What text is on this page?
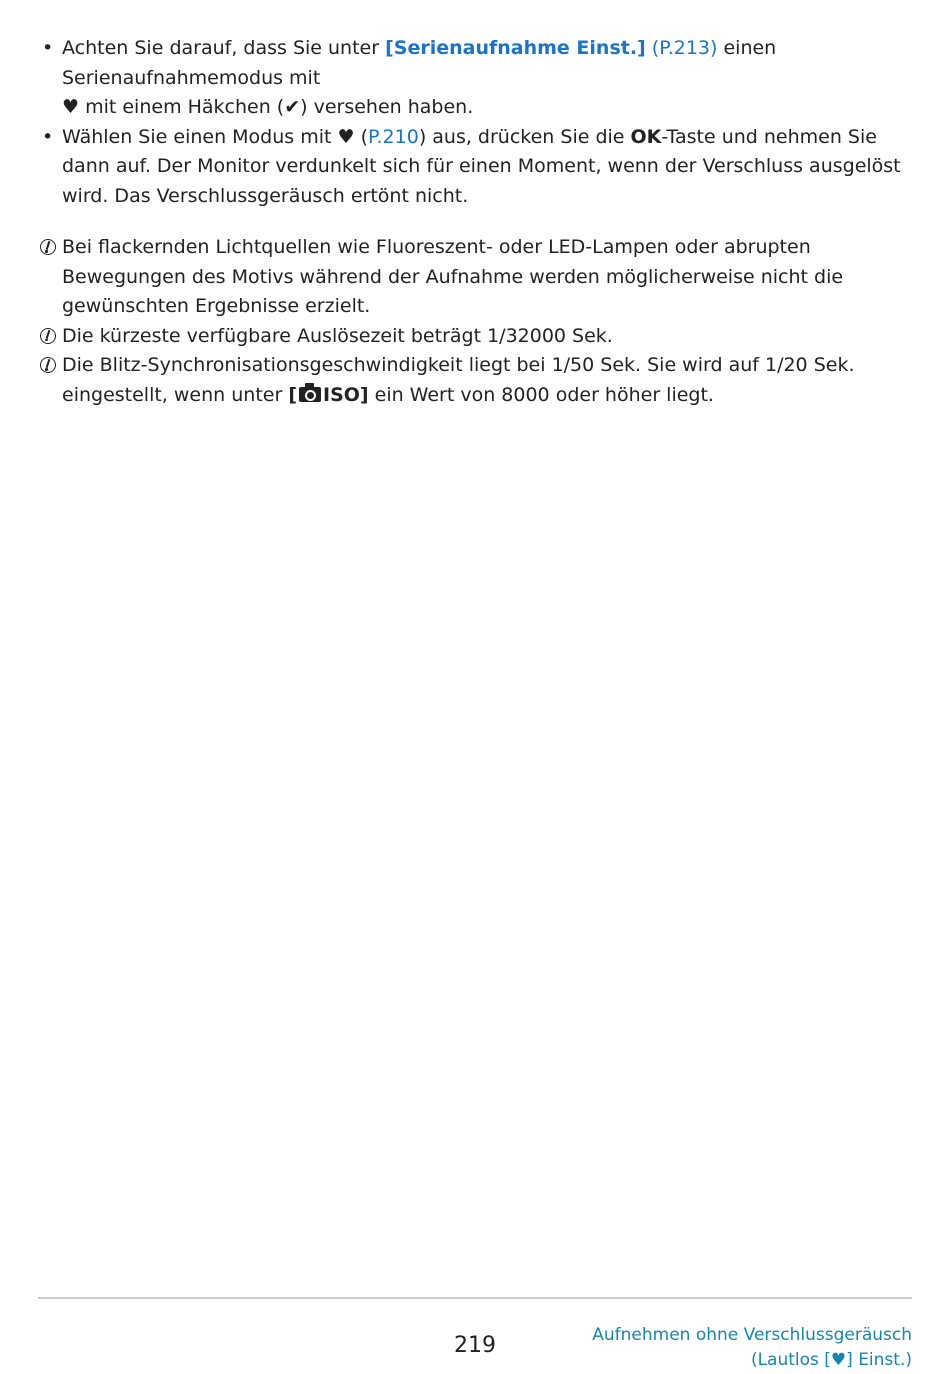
• Achten Sie darauf, dass Sie unter [Serienaufnahme Einst.] (P.213) einen Serienaufnahmemodus mit
♥ mit einem Häkchen (✔) versehen haben.
• Wählen Sie einen Modus mit ♥ (P.210) aus, drücken Sie die OK-Taste und nehmen Sie dann auf. Der Monitor verdunkelt sich für einen Moment, wenn der Verschluss ausgelöst wird. Das Verschlussgeräusch ertönt nicht.
Bei flackernden Lichtquellen wie Fluoreszent- oder LED-Lampen oder abrupten Bewegungen des Motivs während der Aufnahme werden möglicherweise nicht die gewünschten Ergebnisse erzielt.
Die kürzeste verfügbare Auslösezeit beträgt 1/32000 Sek.
Die Blitz-Synchronisationsgeschwindigkeit liegt bei 1/50 Sek. Sie wird auf 1/20 Sek. eingestellt, wenn unter [ ISO] ein Wert von 8000 oder höher liegt.
219	Aufnehmen ohne Verschlussgeräusch
(Lautlos [♥] Einst.)
